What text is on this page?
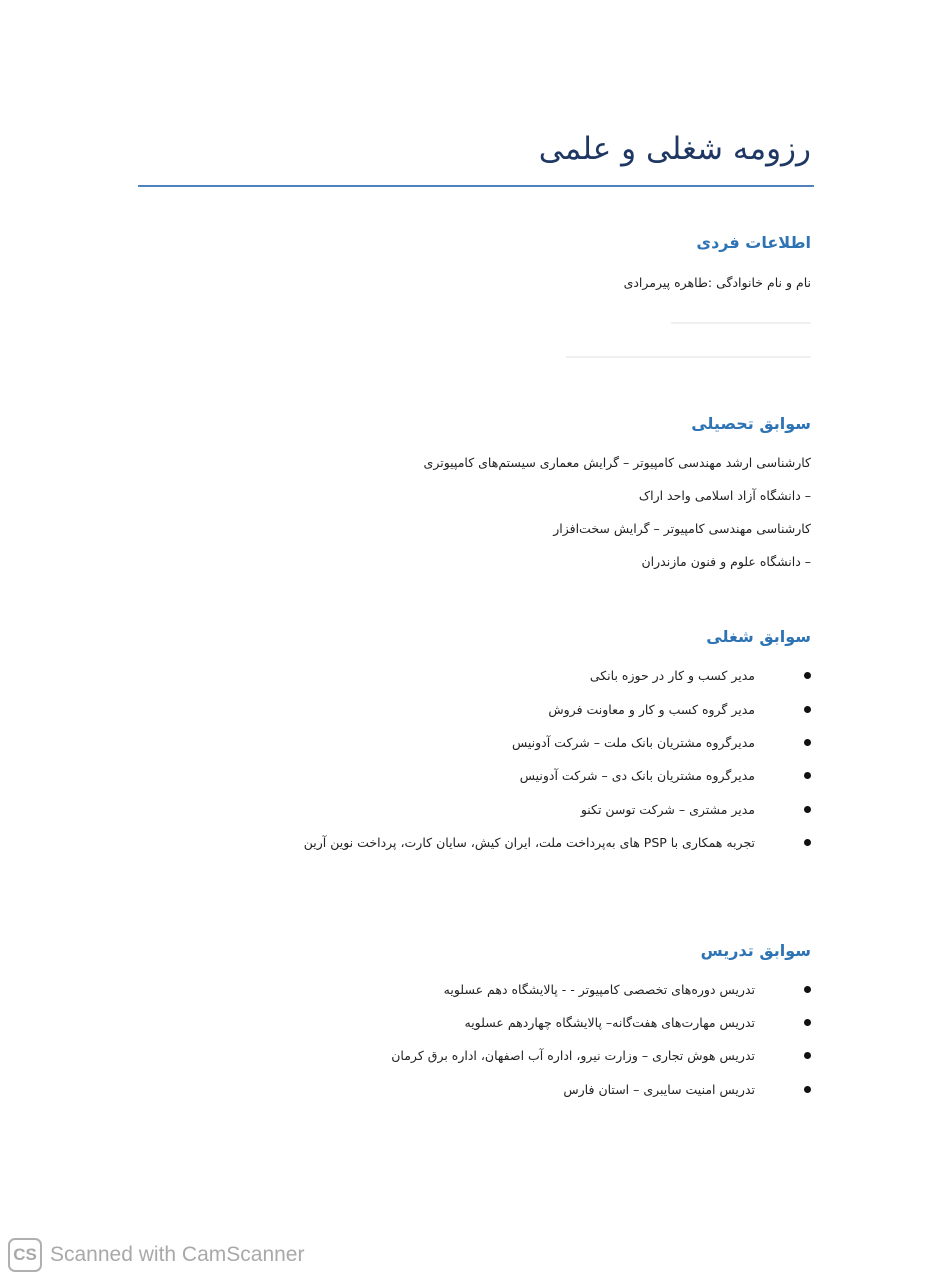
رزومه شغلی و علمی
اطلاعات فردی
نام و نام خانوادگی :طاهره پیرمرادی
سوابق تحصیلی
کارشناسی ارشد مهندسی کامپیوتر – گرایش معماری سیستم‌های کامپیوتری
– دانشگاه آزاد اسلامی واحد اراک
کارشناسی مهندسی کامپیوتر – گرایش سخت‌افزار
– دانشگاه علوم و فنون مازندران
سوابق شغلی
مدیر کسب و کار در حوزه بانکی
مدیر گروه کسب و کار و معاونت فروش
مدیرگروه مشتریان بانک ملت – شرکت آدونیس
مدیرگروه مشتریان بانک دی – شرکت آدونیس
مدیر مشتری – شرکت توسن تکنو
تجربه همکاری با PSP های به‌پرداخت ملت، ایران کیش، سایان کارت، پرداخت نوین آرین
سوابق تدریس
تدریس دوره‌های تخصصی کامپیوتر - - پالایشگاه دهم عسلویه
تدریس مهارت‌های هفت‌گانه– پالایشگاه چهاردهم عسلویه
تدریس هوش تجاری – وزارت نیرو، اداره آب اصفهان، اداره برق کرمان
تدریس امنیت سایبری – استان فارس
CS Scanned with CamScanner
